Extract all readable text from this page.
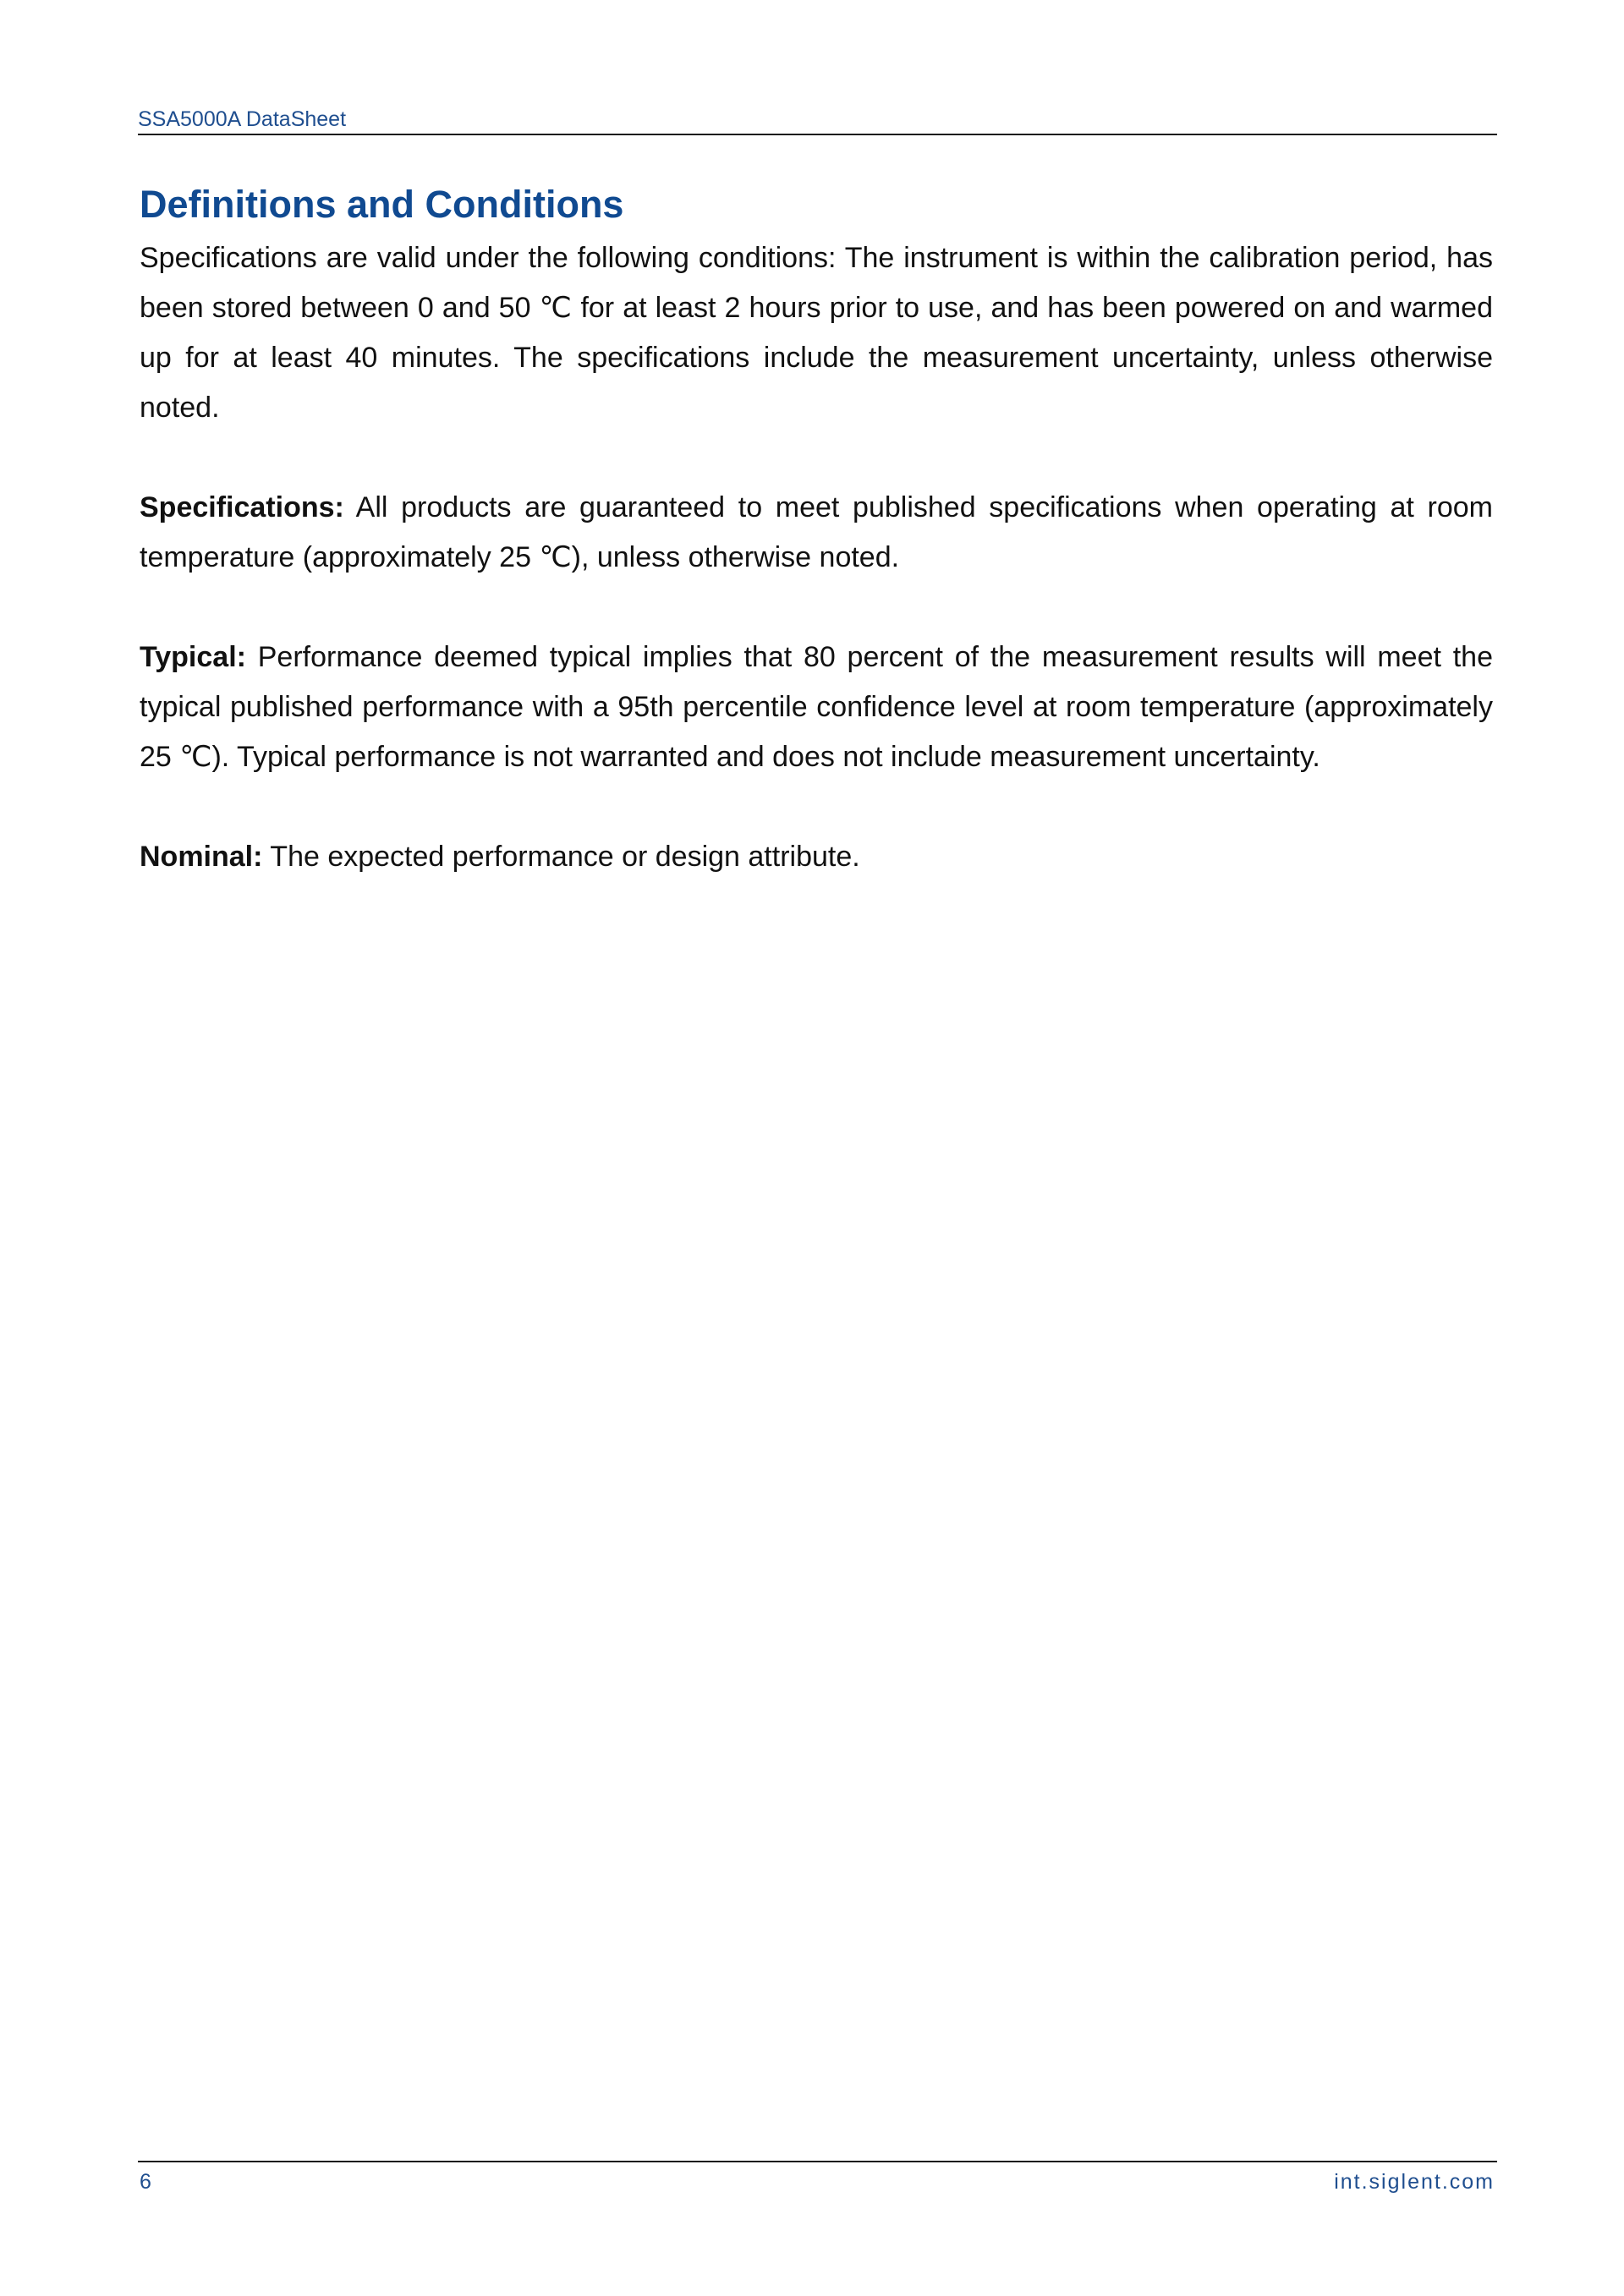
SSA5000A DataSheet
Definitions and Conditions

Specifications are valid under the following conditions: The instrument is within the calibration period, has been stored between 0 and 50 ℃ for at least 2 hours prior to use, and has been powered on and warmed up for at least 40 minutes. The specifications include the measurement uncertainty, unless otherwise noted.

Specifications: All products are guaranteed to meet published specifications when operating at room temperature (approximately 25 ℃), unless otherwise noted.

Typical: Performance deemed typical implies that 80 percent of the measurement results will meet the typical published performance with a 95th percentile confidence level at room temperature (approximately 25 ℃). Typical performance is not warranted and does not include measurement uncertainty.

Nominal: The expected performance or design attribute.

6	int.siglent.com
